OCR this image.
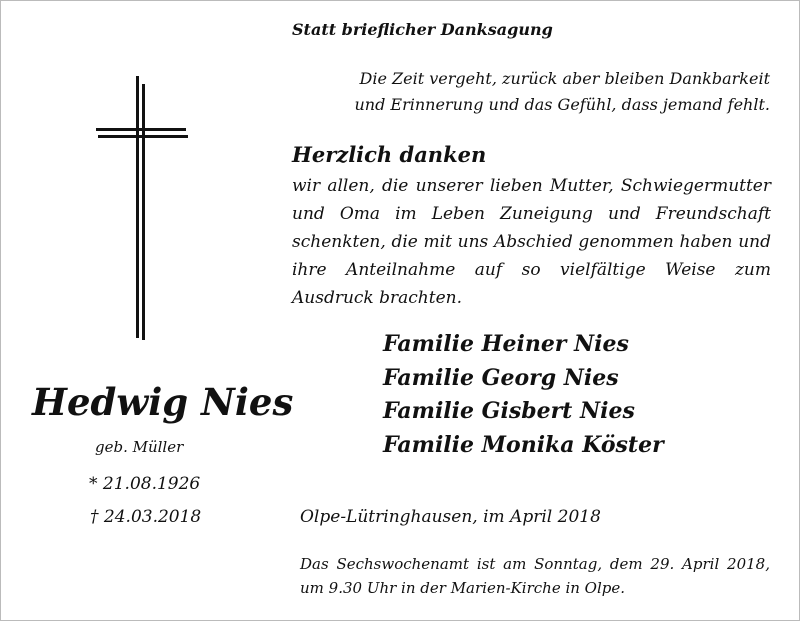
Statt brieflicher Danksagung

Die Zeit vergeht, zurück aber bleiben Dankbarkeit
und Erinnerung und das Gefühl, dass jemand fehlt.

Herzlich danken

wir allen, die unserer lieben Mutter, Schwiegermutter und Oma im Leben Zuneigung und Freundschaft schenkten, die mit uns Abschied genommen haben und ihre Anteilnahme auf so vielfältige Weise zum Ausdruck brachten.

Familie Heiner Nies
Familie Georg Nies
Familie Gisbert Nies
Familie Monika Köster

Hedwig Nies

geb. Müller

* 21.08.1926

† 24.03.2018	Olpe-Lütringhausen, im April 2018

Das Sechswochenamt ist am Sonntag, dem 29. April 2018, um 9.30 Uhr in der Marien-Kirche in Olpe.
